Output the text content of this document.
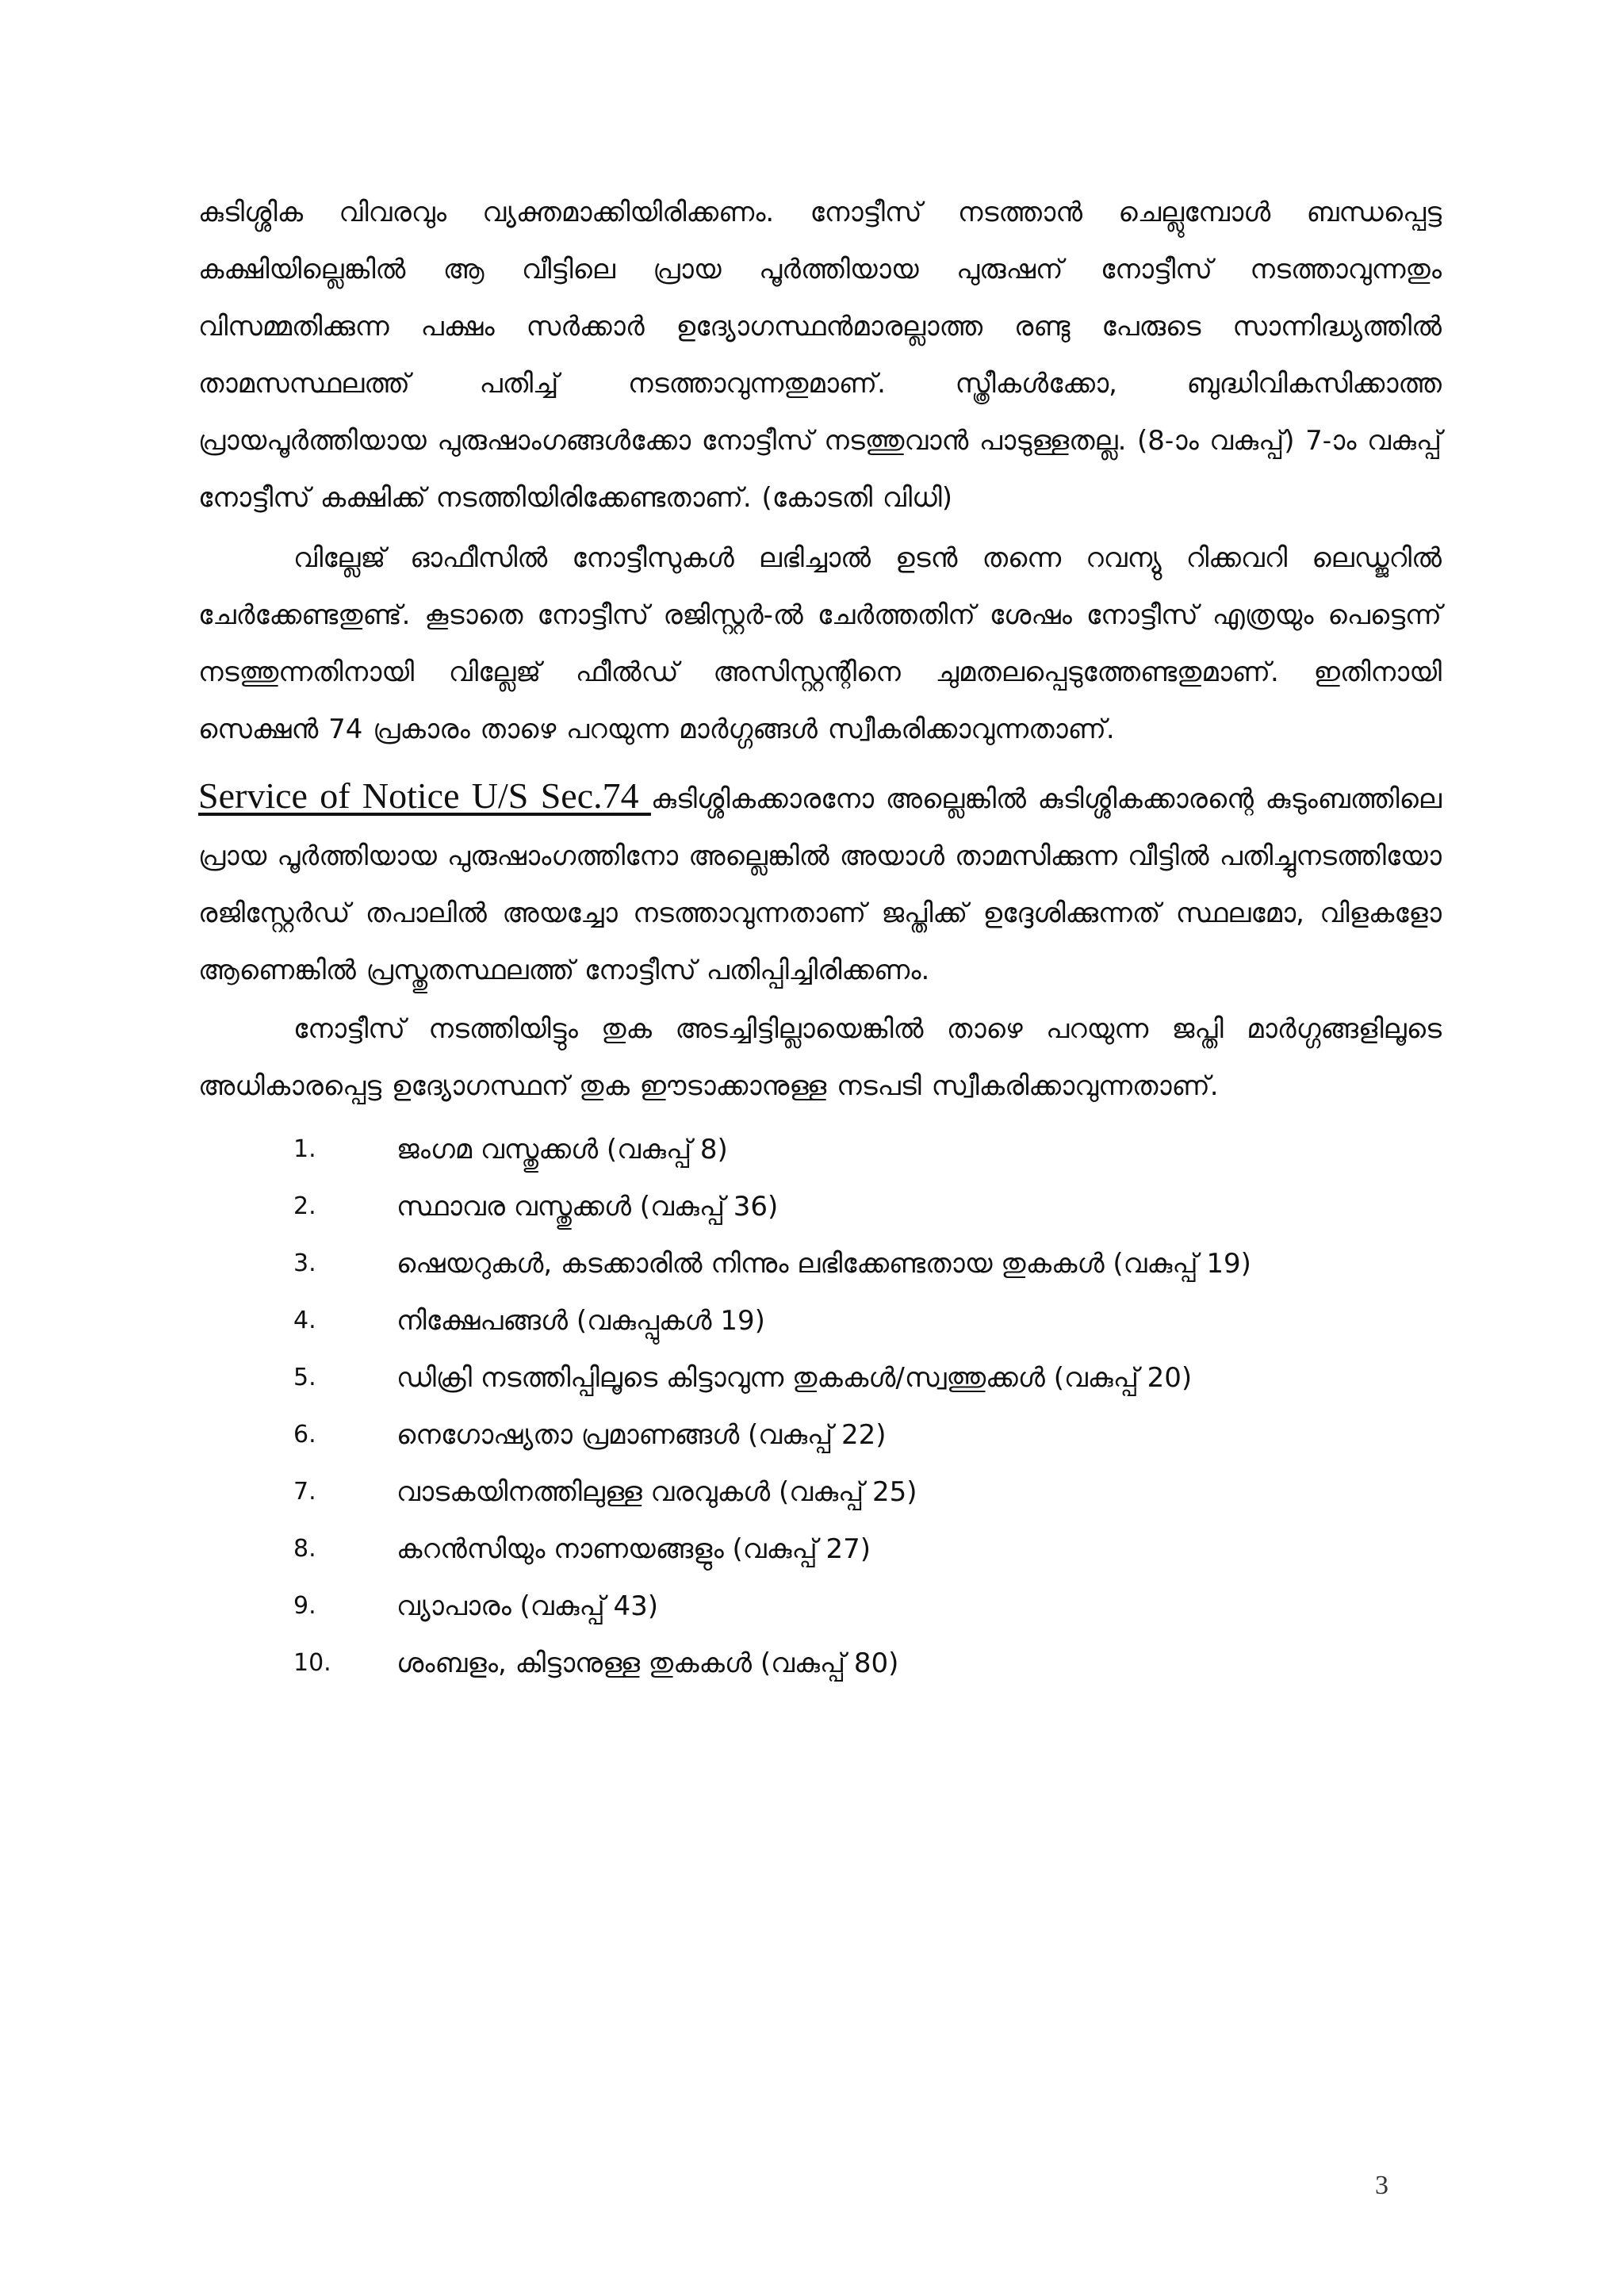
കുടിശ്ശിക വിവരവും വ്യക്തമാക്കിയിരിക്കണം. നോട്ടീസ് നടത്താൻ ചെല്ലുമ്പോൾ ബന്ധപ്പെട്ട കക്ഷിയില്ലെങ്കിൽ ആ വീട്ടിലെ പ്രായ പൂർത്തിയായ പുരുഷന് നോട്ടീസ് നടത്താവുന്നതും വിസമ്മതിക്കുന്ന പക്ഷം സർക്കാർ ഉദ്യോഗസ്ഥൻമാരല്ലാത്ത രണ്ടു പേരുടെ സാന്നിദ്ധ്യത്തിൽ താമസസ്ഥലത്ത് പതിച്ച് നടത്താവുന്നതുമാണ്. സ്ത്രീകൾക്കോ, ബുദ്ധിവികസിക്കാത്ത പ്രായപൂർത്തിയായ പുരുഷാംഗങ്ങൾക്കോ നോട്ടീസ് നടത്തുവാൻ പാടുള്ളതല്ല. (8-ാം വകുപ്പ്) 7-ാം വകുപ്പ് നോട്ടീസ് കക്ഷിക്ക് നടത്തിയിരിക്കേണ്ടതാണ്. (കോടതി വിധി)

വില്ലേജ് ഓഫീസിൽ നോട്ടീസുകൾ ലഭിച്ചാൽ ഉടൻ തന്നെ റവന്യു റിക്കവറി ലെഡ്ജറിൽ ചേർക്കേണ്ടതുണ്ട്. കൂടാതെ നോട്ടീസ് രജിസ്റ്റർ-ൽ ചേർത്തതിന് ശേഷം നോട്ടീസ് എത്രയും പെട്ടെന്ന് നടത്തുന്നതിനായി വില്ലേജ് ഫീൽഡ് അസിസ്റ്റന്റിനെ ചുമതലപ്പെടുത്തേണ്ടതുമാണ്. ഇതിനായി സെക്ഷൻ 74 പ്രകാരം താഴെ പറയുന്ന മാർഗ്ഗങ്ങൾ സ്വീകരിക്കാവുന്നതാണ്.

Service of Notice U/S Sec.74 കുടിശ്ശികക്കാരനോ അല്ലെങ്കിൽ കുടിശ്ശികക്കാരന്റെ കുടുംബത്തിലെ പ്രായ പൂർത്തിയായ പുരുഷാംഗത്തിനോ അല്ലെങ്കിൽ അയാൾ താമസിക്കുന്ന വീട്ടിൽ പതിച്ചുനടത്തിയോ രജിസ്റ്റേർഡ് തപാലിൽ അയച്ചോ നടത്താവുന്നതാണ് ജപ്തിക്ക് ഉദ്ദേശിക്കുന്നത് സ്ഥലമോ, വിളകളോ ആണെങ്കിൽ പ്രസ്തുതസ്ഥലത്ത് നോട്ടീസ് പതിപ്പിച്ചിരിക്കണം.

നോട്ടീസ് നടത്തിയിട്ടും തുക അടച്ചിട്ടില്ലായെങ്കിൽ താഴെ പറയുന്ന ജപ്തി മാർഗ്ഗങ്ങളിലൂടെ അധികാരപ്പെട്ട ഉദ്യോഗസ്ഥന് തുക ഈടാക്കാനുള്ള നടപടി സ്വീകരിക്കാവുന്നതാണ്.

1.	ജംഗമ വസ്തുക്കൾ (വകുപ്പ് 8)
2.	സ്ഥാവര വസ്തുക്കൾ (വകുപ്പ് 36)
3.	ഷെയറുകൾ, കടക്കാരിൽ നിന്നും ലഭിക്കേണ്ടതായ തുകകൾ (വകുപ്പ് 19)
4.	നിക്ഷേപങ്ങൾ (വകുപ്പുകൾ 19)
5.	ഡിക്രി നടത്തിപ്പിലൂടെ കിട്ടാവുന്ന തുകകൾ/സ്വത്തുക്കൾ (വകുപ്പ് 20)
6.	നെഗോഷ്യതാ പ്രമാണങ്ങൾ (വകുപ്പ് 22)
7.	വാടകയിനത്തിലുള്ള വരവുകൾ (വകുപ്പ് 25)
8.	കറൻസിയും നാണയങ്ങളും (വകുപ്പ് 27)
9.	വ്യാപാരം (വകുപ്പ് 43)
10. ശംബളം, കിട്ടാനുള്ള തുകകൾ (വകുപ്പ് 80)
3
